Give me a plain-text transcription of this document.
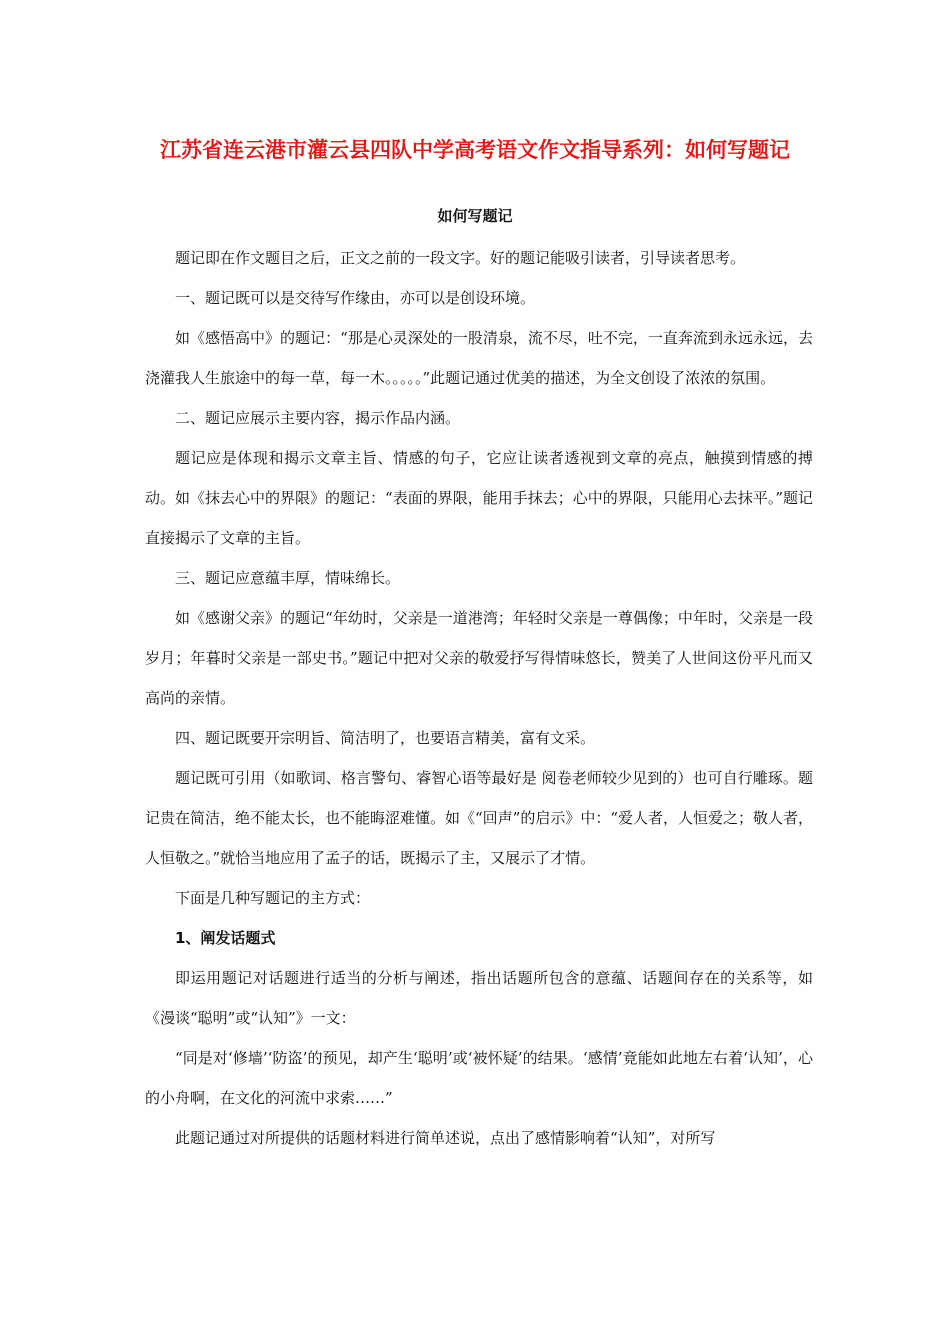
江苏省连云港市灌云县四队中学高考语文作文指导系列：如何写题记
如何写题记

题记即在作文题目之后，正文之前的一段文字。好的题记能吸引读者，引导读者思考。

一、题记既可以是交待写作缘由，亦可以是创设环境。

如《感悟高中》的题记：“那是心灵深处的一股清泉，流不尽，吐不完，一直奔流到永远永远，去浇灌我人生旅途中的每一草，每一木。。。。。”此题记通过优美的描述，为全文创设了浓浓的氛围。

二、题记应展示主要内容，揭示作品内涵。

题记应是体现和揭示文章主旨、情感的句子，它应让读者透视到文章的亮点，触摸到情感的搏动。如《抹去心中的界限》的题记：“表面的界限，能用手抹去；心中的界限，只能用心去抹平。”题记直接揭示了文章的主旨。

三、题记应意蕴丰厚，情味绵长。

如《感谢父亲》的题记“年幼时，父亲是一道港湾；年轻时父亲是一尊偶像；中年时，父亲是一段岁月；年暮时父亲是一部史书。”题记中把对父亲的敬爱抒写得情味悠长，赞美了人世间这份平凡而又高尚的亲情。

四、题记既要开宗明旨、简洁明了，也要语言精美，富有文采。

题记既可引用（如歌词、格言警句、睿智心语等最好是 阅卷老师较少见到的）也可自行雕琢。题记贵在简洁，绝不能太长，也不能晦涩难懂。如《“回声”的启示》中：“爱人者，人恒爱之；敬人者，人恒敬之。”就恰当地应用了孟子的话，既揭示了主，又展示了才情。

下面是几种写题记的主方式：

1、阐发话题式

即运用题记对话题进行适当的分析与阐述，指出话题所包含的意蕴、话题间存在的关系等，如《漫谈“聪明”或“认知”》一文：

“同是对‘修墙’‘防盗’的预见，却产生‘聪明’或‘被怀疑’的结果。‘感情’竟能如此地左右着‘认知’，心的小舟啊，在文化的河流中求索……”

此题记通过对所提供的话题材料进行简单述说，点出了感情影响着“认知”，对所写
